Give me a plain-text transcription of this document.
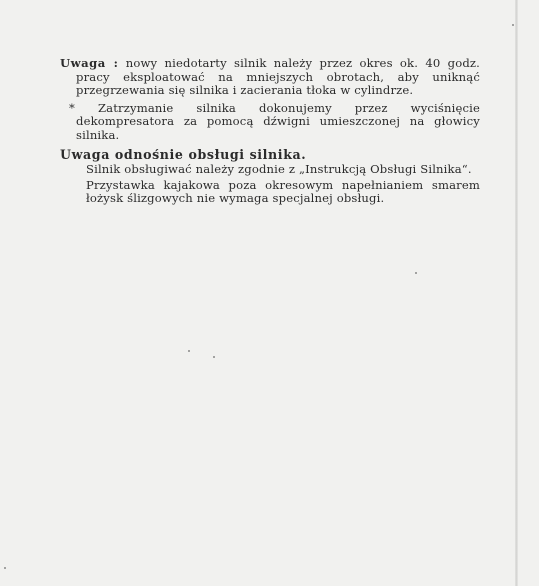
Uwaga : nowy niedotarty silnik należy przez okres ok. 40 godz. pracy eksploatować na mniejszych obrotach, aby uniknąć przegrzewania się silnika i zacierania tłoka w cylindrze.

* Zatrzymanie silnika dokonujemy przez wyciśnięcie dekompresatora za pomocą dźwigni umieszczonej na głowicy silnika.

Uwaga odnośnie obsługi silnika.

Silnik obsługiwać należy zgodnie z „Instrukcją Obsługi Silnika“.

Przystawka kajakowa poza okresowym napełnianiem smarem łożysk ślizgowych nie wymaga specjalnej obsługi.
